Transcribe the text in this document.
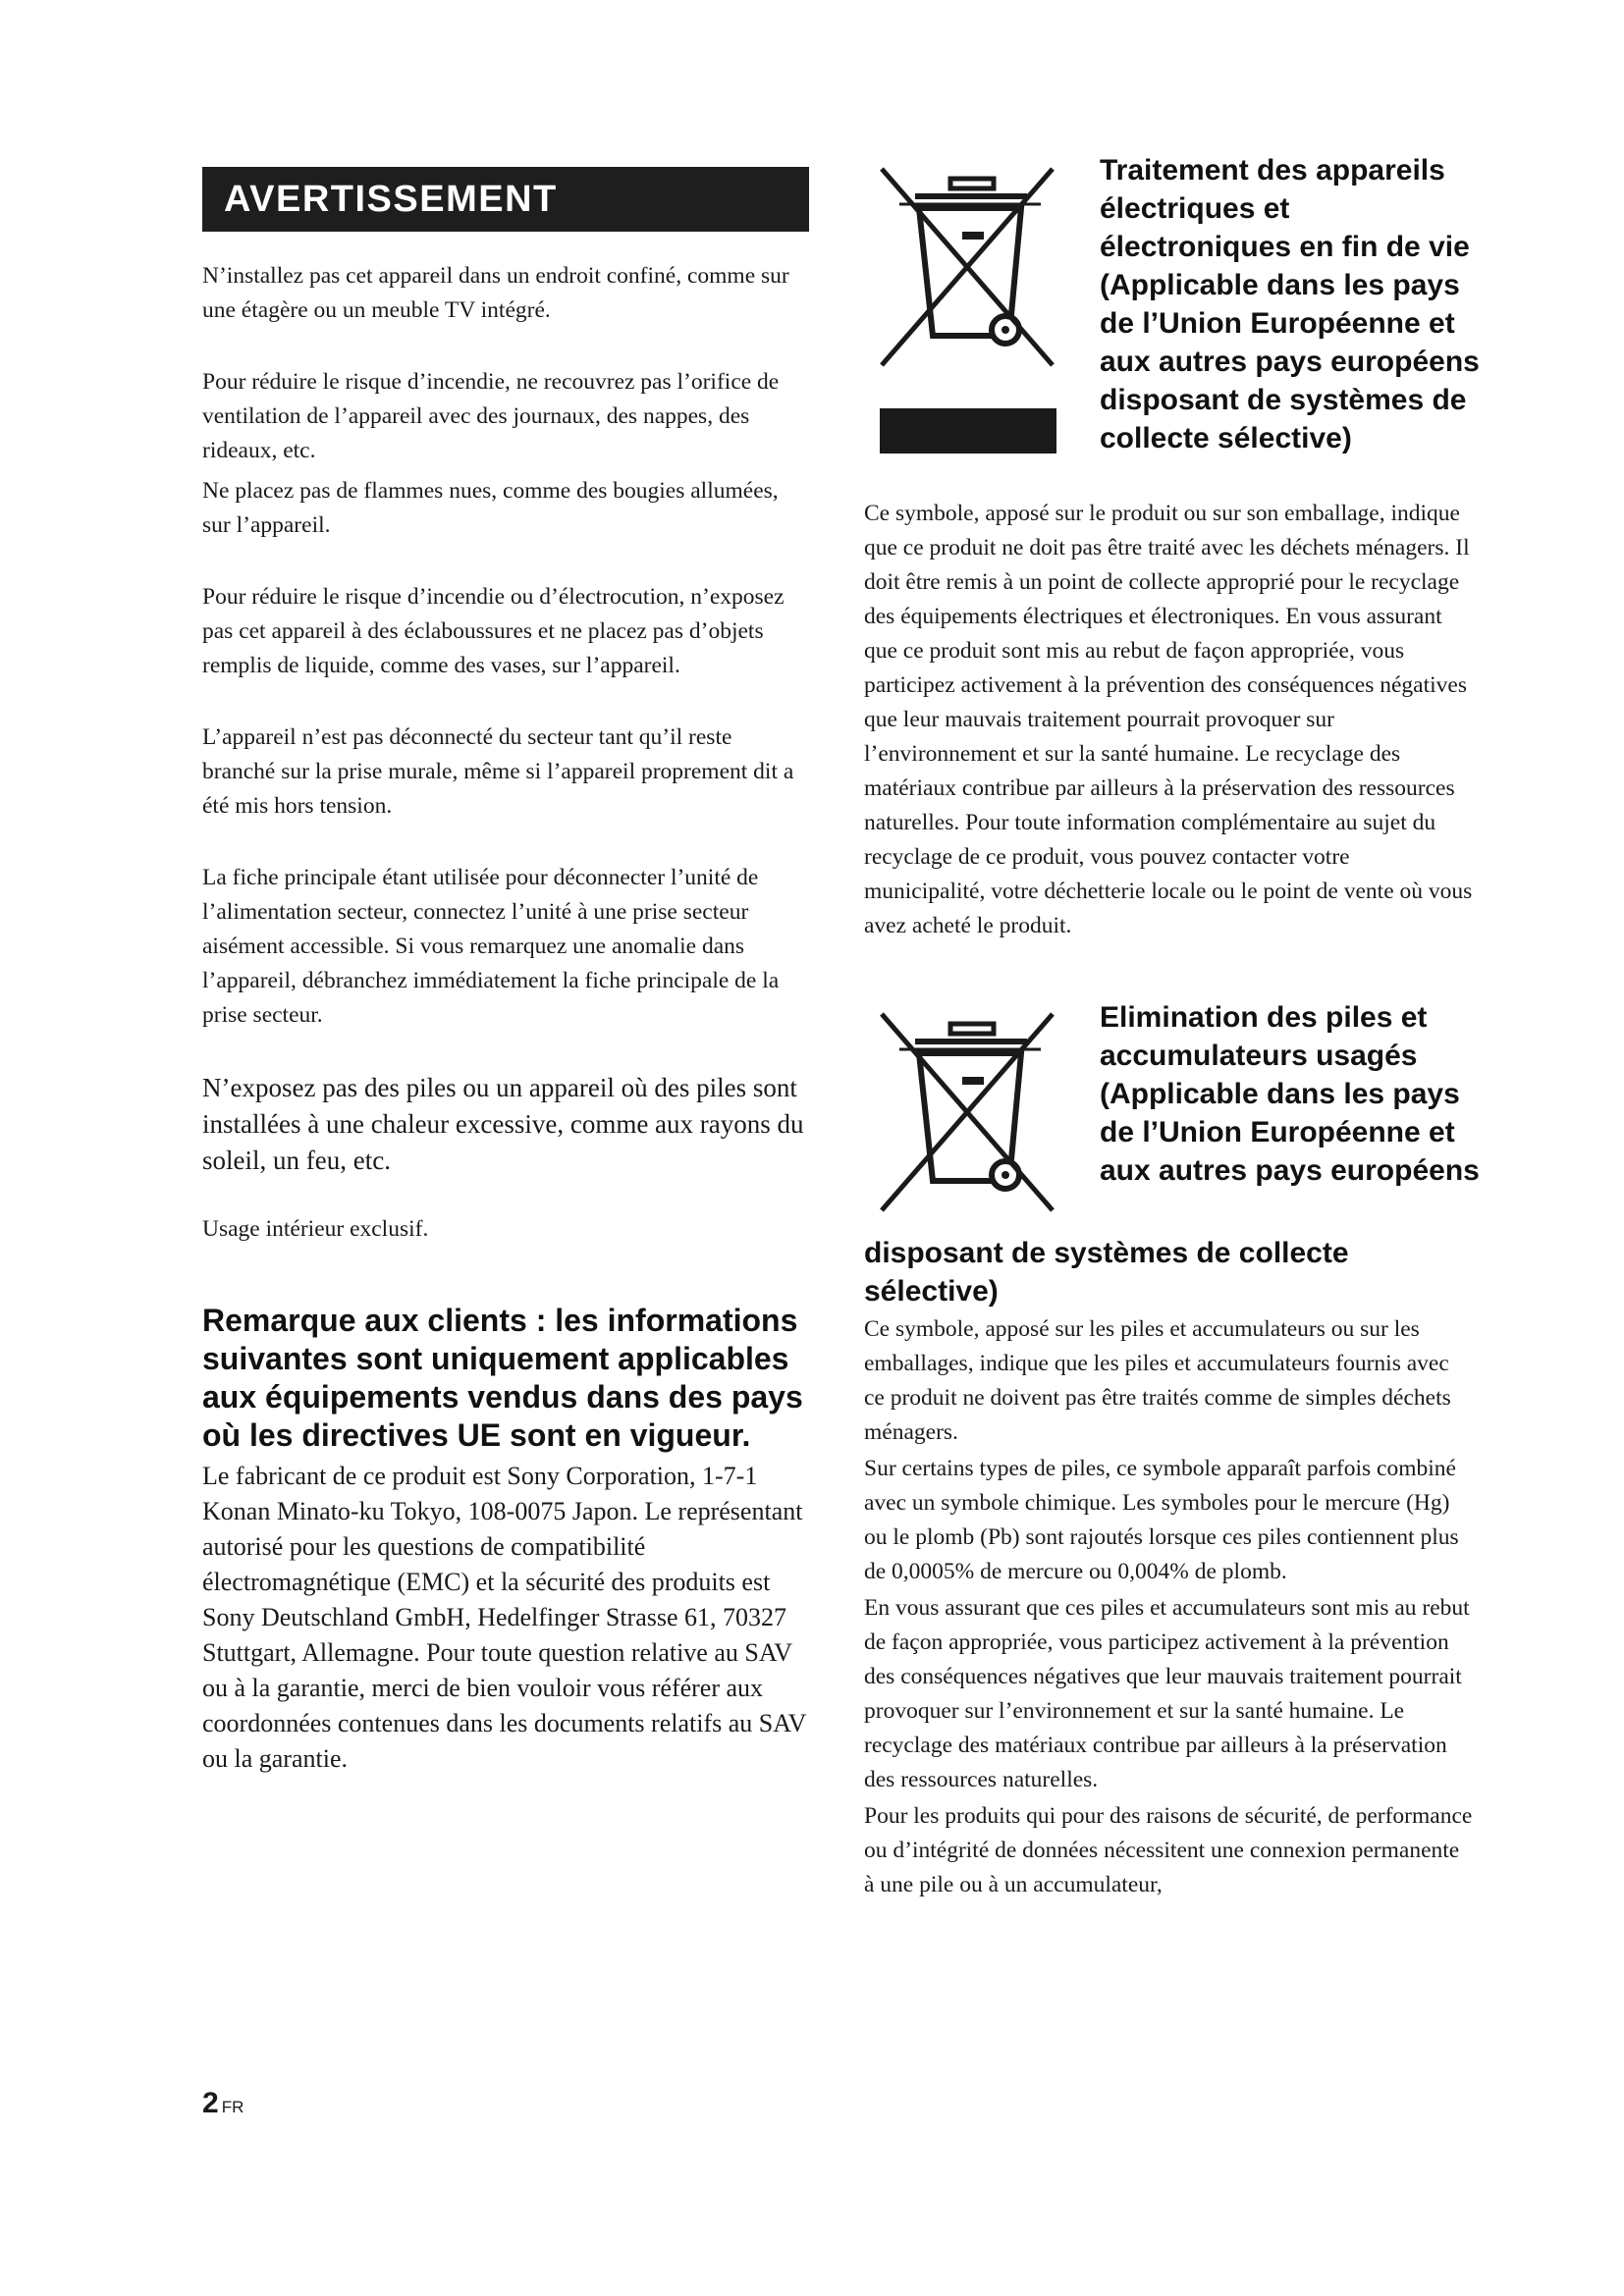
AVERTISSEMENT

N’installez pas cet appareil dans un endroit confiné, comme sur une étagère ou un meuble TV intégré.

Pour réduire le risque d’incendie, ne recouvrez pas l’orifice de ventilation de l’appareil avec des journaux, des nappes, des rideaux, etc.

Ne placez pas de flammes nues, comme des bougies allumées, sur l’appareil.

Pour réduire le risque d’incendie ou d’électrocution, n’exposez pas cet appareil à des éclaboussures et ne placez pas d’objets remplis de liquide, comme des vases, sur l’appareil.

L’appareil n’est pas déconnecté du secteur tant qu’il reste branché sur la prise murale, même si l’appareil proprement dit a été mis hors tension.

La fiche principale étant utilisée pour déconnecter l’unité de l’alimentation secteur, connectez l’unité à une prise secteur aisément accessible. Si vous remarquez une anomalie dans l’appareil, débranchez immédiatement la fiche principale de la prise secteur.

N’exposez pas des piles ou un appareil où des piles sont installées à une chaleur excessive, comme aux rayons du soleil, un feu, etc.

Usage intérieur exclusif.

Remarque aux clients : les informations suivantes sont uniquement applicables aux équipements vendus dans des pays où les directives UE sont en vigueur.

Le fabricant de ce produit est Sony Corporation, 1-7-1 Konan Minato-ku Tokyo, 108-0075 Japon. Le représentant autorisé pour les questions de compatibilité électromagnétique (EMC) et la sécurité des produits est Sony Deutschland GmbH, Hedelfinger Strasse 61, 70327 Stuttgart, Allemagne. Pour toute question relative au SAV ou à la garantie, merci de bien vouloir vous référer aux coordonnées contenues dans les documents relatifs au SAV ou la garantie.

Traitement des appareils électriques et électroniques en fin de vie (Applicable dans les pays de l’Union Européenne et aux autres pays européens disposant de systèmes de collecte sélective)

Ce symbole, apposé sur le produit ou sur son emballage, indique que ce produit ne doit pas être traité avec les déchets ménagers. Il doit être remis à un point de collecte approprié pour le recyclage des équipements électriques et électroniques. En vous assurant que ce produit sont mis au rebut de façon appropriée, vous participez activement à la prévention des conséquences négatives que leur mauvais traitement pourrait provoquer sur l’environnement et sur la santé humaine. Le recyclage des matériaux contribue par ailleurs à la préservation des ressources naturelles. Pour toute information complémentaire au sujet du recyclage de ce produit, vous pouvez contacter votre municipalité, votre déchetterie locale ou le point de vente où vous avez acheté le produit.

Elimination des piles et accumulateurs usagés (Applicable dans les pays de l’Union Européenne et aux autres pays européens

disposant de systèmes de collecte sélective)

Ce symbole, apposé sur les piles et accumulateurs ou sur les emballages, indique que les piles et accumulateurs fournis avec ce produit ne doivent pas être traités comme de simples déchets ménagers.

Sur certains types de piles, ce symbole apparaît parfois combiné avec un symbole chimique. Les symboles pour le mercure (Hg) ou le plomb (Pb) sont rajoutés lorsque ces piles contiennent plus de 0,0005% de mercure ou 0,004% de plomb.

En vous assurant que ces piles et accumulateurs sont mis au rebut de façon appropriée, vous participez activement à la prévention des conséquences négatives que leur mauvais traitement pourrait provoquer sur l’environnement et sur la santé humaine. Le recyclage des matériaux contribue par ailleurs à la préservation des ressources naturelles.

Pour les produits qui pour des raisons de sécurité, de performance ou d’intégrité de données nécessitent une connexion permanente à une pile ou à un accumulateur,

2 FR
